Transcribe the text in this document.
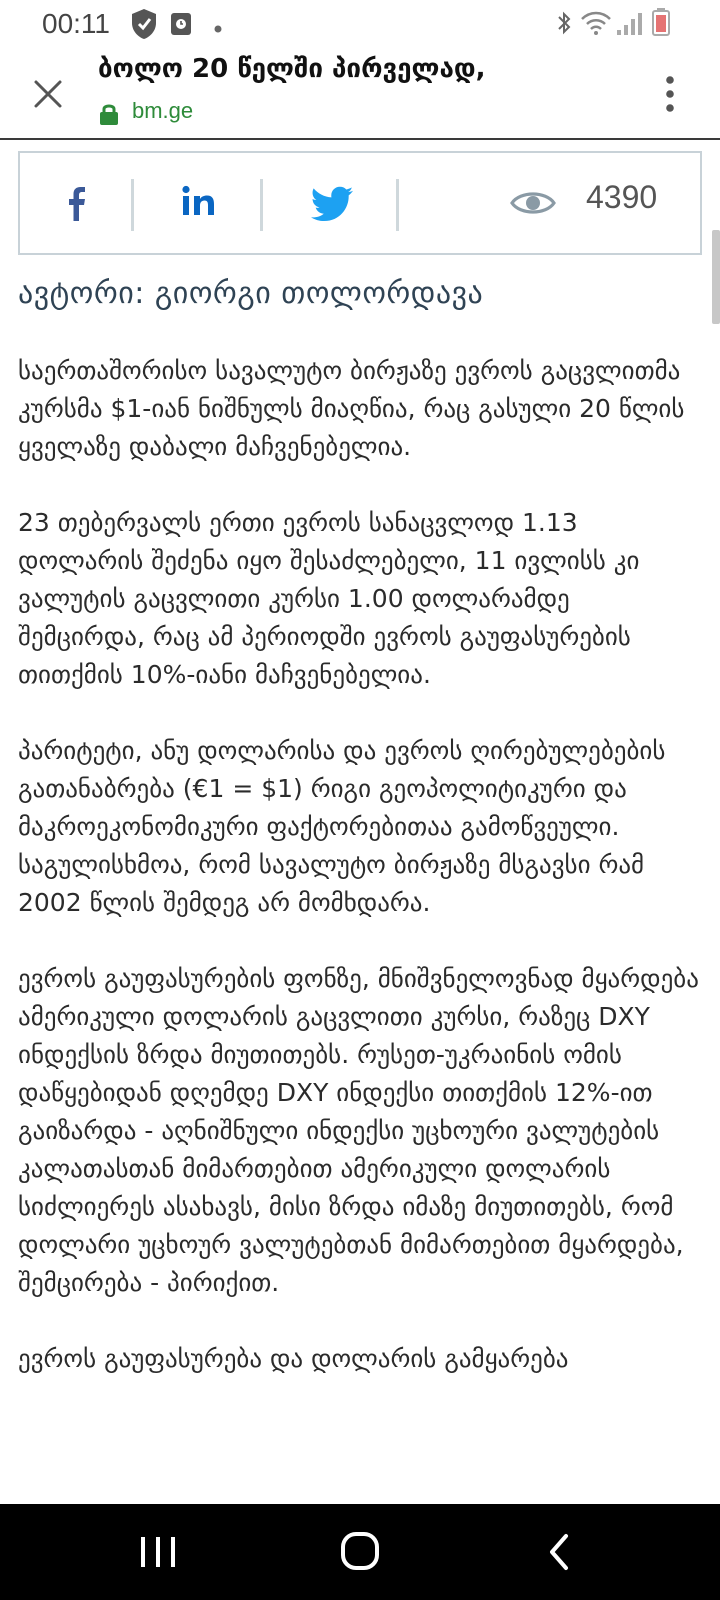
00:11
ბოლო 20 წელში პირველად,
bm.ge
4390
ავტორი: გიორგი თოლორდავა

საერთაშორისო სავალუტო ბირჟაზე ევროს გაცვლითმა კურსმა $1-იან ნიშნულს მიაღწია, რაც გასული 20 წლის ყველაზე დაბალი მაჩვენებელია.

23 თებერვალს ერთი ევროს სანაცვლოდ 1.13 დოლარის შეძენა იყო შესაძლებელი, 11 ივლისს კი ვალუტის გაცვლითი კურსი 1.00 დოლარამდე შემცირდა, რაც ამ პერიოდში ევროს გაუფასურების თითქმის 10%-იანი მაჩვენებელია.

პარიტეტი, ანუ დოლარისა და ევროს ღირებულებების გათანაბრება (€1 = $1) რიგი გეოპოლიტიკური და მაკროეკონომიკური ფაქტორებითაა გამოწვეული. საგულისხმოა, რომ სავალუტო ბირჟაზე მსგავსი რამ 2002 წლის შემდეგ არ მომხდარა.

ევროს გაუფასურების ფონზე, მნიშვნელოვნად მყარდება ამერიკული დოლარის გაცვლითი კურსი, რაზეც DXY ინდექსის ზრდა მიუთითებს. რუსეთ-უკრაინის ომის დაწყებიდან დღემდე DXY ინდექსი თითქმის 12%-ით გაიზარდა - აღნიშნული ინდექსი უცხოური ვალუტების კალათასთან მიმართებით ამერიკული დოლარის სიძლიერეს ასახავს, მისი ზრდა იმაზე მიუთითებს, რომ დოლარი უცხოურ ვალუტებთან მიმართებით მყარდება, შემცირება - პირიქით.

ევროს გაუფასურება და დოლარის გამყარება
